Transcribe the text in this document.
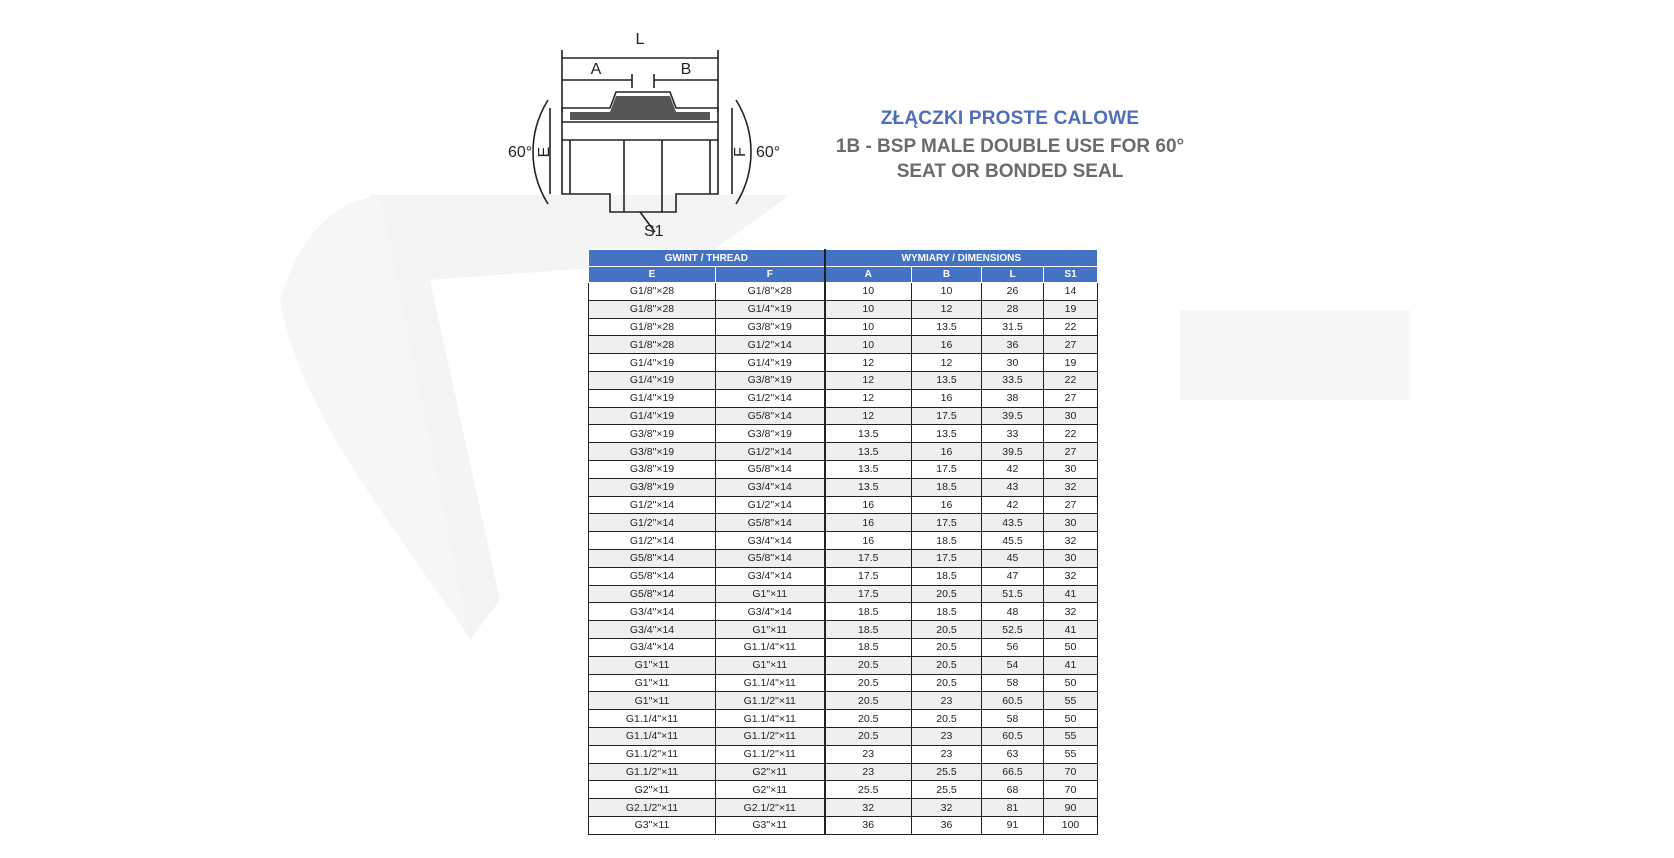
L
A	B
E	F
60°	60°
S1
ZŁĄCZKI PROSTE CALOWE
1B - BSP MALE DOUBLE USE FOR 60°
SEAT OR BONDED SEAL
GWINT / THREAD		WYMIARY / DIMENSIONS			
E	F	A	B	L	S1
G1/8"×28	G1/8"×28	10	10	26	14
G1/8"×28	G1/4"×19	10	12	28	19
G1/8"×28	G3/8"×19	10	13.5	31.5	22
G1/8"×28	G1/2"×14	10	16	36	27
G1/4"×19	G1/4"×19	12	12	30	19
G1/4"×19	G3/8"×19	12	13.5	33.5	22
G1/4"×19	G1/2"×14	12	16	38	27
G1/4"×19	G5/8"×14	12	17.5	39.5	30
G3/8"×19	G3/8"×19	13.5	13.5	33	22
G3/8"×19	G1/2"×14	13.5	16	39.5	27
G3/8"×19	G5/8"×14	13.5	17.5	42	30
G3/8"×19	G3/4"×14	13.5	18.5	43	32
G1/2"×14	G1/2"×14	16	16	42	27
G1/2"×14	G5/8"×14	16	17.5	43.5	30
G1/2"×14	G3/4"×14	16	18.5	45.5	32
G5/8"×14	G5/8"×14	17.5	17.5	45	30
G5/8"×14	G3/4"×14	17.5	18.5	47	32
G5/8"×14	G1"×11	17.5	20.5	51.5	41
G3/4"×14	G3/4"×14	18.5	18.5	48	32
G3/4"×14	G1"×11	18.5	20.5	52.5	41
G3/4"×14	G1.1/4"×11	18.5	20.5	56	50
G1"×11	G1"×11	20.5	20.5	54	41
G1"×11	G1.1/4"×11	20.5	20.5	58	50
G1"×11	G1.1/2"×11	20.5	23	60.5	55
G1.1/4"×11	G1.1/4"×11	20.5	20.5	58	50
G1.1/4"×11	G1.1/2"×11	20.5	23	60.5	55
G1.1/2"×11	G1.1/2"×11	23	23	63	55
G1.1/2"×11	G2"×11	23	25.5	66.5	70
G2"×11	G2"×11	25.5	25.5	68	70
G2.1/2"×11	G2.1/2"×11	32	32	81	90
G3"×11	G3"×11	36	36	91	100
